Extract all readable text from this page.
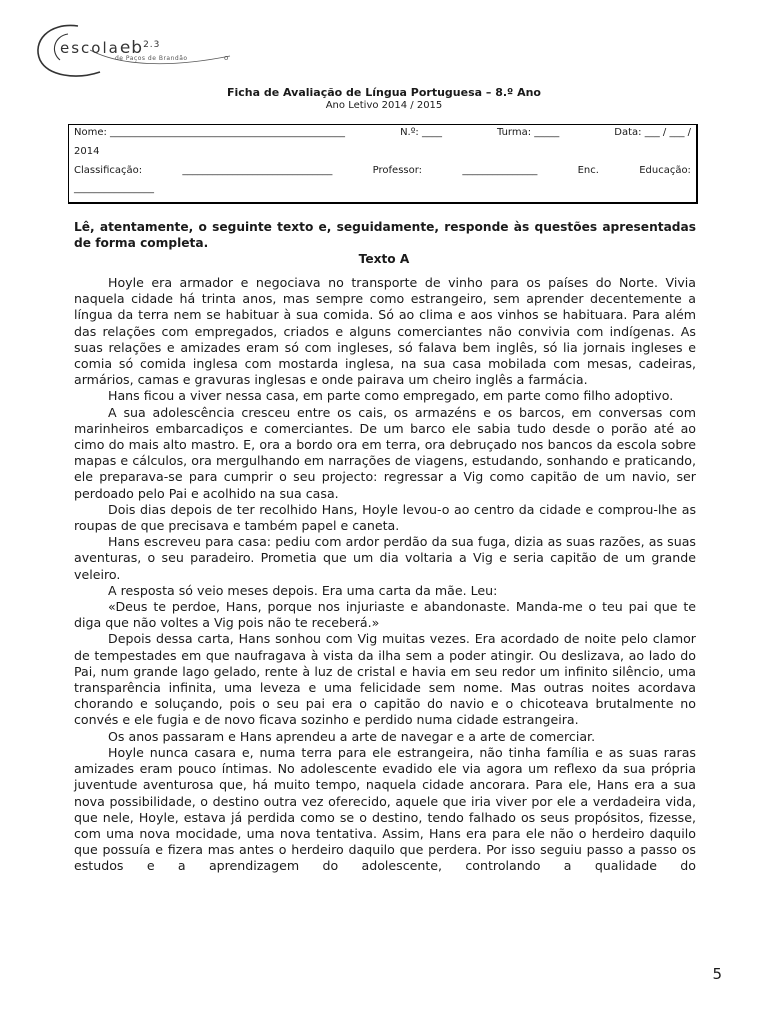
escolaeb$^{2.3}$
de Paços de Brandão	o
Ficha de Avaliação de Língua Portuguesa – 8.º Ano
Ano Letivo 2014 / 2015
Nome: _______________________________________________	N.º: ____	Turma: _____	Data: ___ / ___ /
2014
Classificação:	______________________________	Professor:	_______________	Enc.	Educação:
________________
Lê, atentamente, o seguinte texto e, seguidamente, responde às questões apresentadas de forma completa.
Texto A

Hoyle era armador e negociava no transporte de vinho para os países do Norte. Vivia naquela cidade há trinta anos, mas sempre como estrangeiro, sem aprender decentemente a língua da terra nem se habituar à sua comida. Só ao clima e aos vinhos se habituara. Para além das relações com empregados, criados e alguns comerciantes não convivia com indígenas. As suas relações e amizades eram só com ingleses, só falava bem inglês, só lia jornais ingleses e comia só comida inglesa com mostarda inglesa, na sua casa mobilada com mesas, cadeiras, armários, camas e gravuras inglesas e onde pairava um cheiro inglês a farmácia.

Hans ficou a viver nessa casa, em parte como empregado, em parte como filho adoptivo.

A sua adolescência cresceu entre os cais, os armazéns e os barcos, em conversas com marinheiros embarcadiços e comerciantes. De um barco ele sabia tudo desde o porão até ao cimo do mais alto mastro. E, ora a bordo ora em terra, ora debruçado nos bancos da escola sobre mapas e cálculos, ora mergulhando em narrações de viagens, estudando, sonhando e praticando, ele preparava-se para cumprir o seu projecto: regressar a Vig como capitão de um navio, ser perdoado pelo Pai e acolhido na sua casa.

Dois dias depois de ter recolhido Hans, Hoyle levou-o ao centro da cidade e comprou-lhe as roupas de que precisava e também papel e caneta.

Hans escreveu para casa: pediu com ardor perdão da sua fuga, dizia as suas razões, as suas aventuras, o seu paradeiro. Prometia que um dia voltaria a Vig e seria capitão de um grande veleiro.

A resposta só veio meses depois. Era uma carta da mãe. Leu:

«Deus te perdoe, Hans, porque nos injuriaste e abandonaste. Manda-me o teu pai que te diga que não voltes a Vig pois não te receberá.»

Depois dessa carta, Hans sonhou com Vig muitas vezes. Era acordado de noite pelo clamor de tempestades em que naufragava à vista da ilha sem a poder atingir. Ou deslizava, ao lado do Pai, num grande lago gelado, rente à luz de cristal e havia em seu redor um infinito silêncio, uma transparência infinita, uma leveza e uma felicidade sem nome. Mas outras noites acordava chorando e soluçando, pois o seu pai era o capitão do navio e o chicoteava brutalmente no convés e ele fugia e de novo ficava sozinho e perdido numa cidade estrangeira.

Os anos passaram e Hans aprendeu a arte de navegar e a arte de comerciar.

Hoyle nunca casara e, numa terra para ele estrangeira, não tinha família e as suas raras amizades eram pouco íntimas. No adolescente evadido ele via agora um reflexo da sua própria juventude aventurosa que, há muito tempo, naquela cidade ancorara. Para ele, Hans era a sua nova possibilidade, o destino outra vez oferecido, aquele que iria viver por ele a verdadeira vida, que nele, Hoyle, estava já perdida como se o destino, tendo falhado os seus propósitos, fizesse, com uma nova mocidade, uma nova tentativa. Assim, Hans era para ele não o herdeiro daquilo que possuía e fizera mas antes o herdeiro daquilo que perdera. Por isso seguiu passo a passo os estudos e a aprendizagem do adolescente, controlando a qualidade do

5
